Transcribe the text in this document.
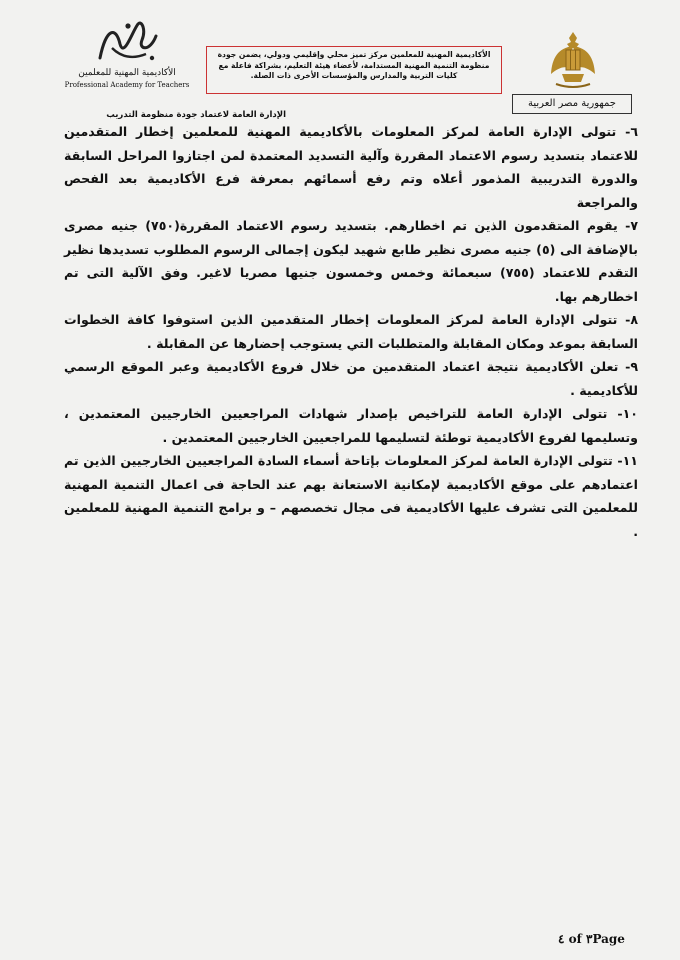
الأكاديمية المهنية للمعلمين
Professional Academy for Teachers
الأكاديمية المهنية للمعلمين مركز تميز محلي وإقليمي ودولي، يضمن جودة منظومة التنمية المهنية المستدامة، لأعضاء هيئة التعليم، بشراكة فاعلة مع كليات التربية والمدارس والمؤسسات الأخرى ذات الصلة.
جمهورية مصر العربية
الإدارة العامة لاعتماد جودة منظومة التدريب

٦- تتولى الإدارة العامة لمركز المعلومات بالأكاديمية المهنية للمعلمين إخطار المتقدمين للاعتماد بتسديد رسوم الاعتماد المقررة وآلية التسديد المعتمدة لمن اجتازوا المراحل السابقة والدورة التدريبية المذمور أعلاه وتم رفع أسمائهم بمعرفة فرع الأكاديمية بعد الفحص والمراجعة

٧- يقوم المتقدمون الذين تم اخطارهم. بتسديد رسوم الاعتماد المقررة(٧٥٠) جنيه مصرى بالإضافة الى (٥) جنيه مصرى نظير طابع شهيد ليكون إجمالى الرسوم المطلوب تسديدها نظير التقدم للاعتماد (٧٥٥) سبعمائة وخمس وخمسون جنيها مصريا لاغير. وفق الآلية التى تم اخطارهم بها.

٨- تتولى الإدارة العامة لمركز المعلومات إخطار المتقدمين الذين استوفوا كافة الخطوات السابقة بموعد ومكان المقابلة والمتطلبات التي يستوجب إحضارها عن المقابلة .

٩- تعلن الأكاديمية نتيجة اعتماد المتقدمين من خلال فروع الأكاديمية وعبر الموقع الرسمي للأكاديمية .

١٠- تتولى الإدارة العامة للتراخيص بإصدار شهادات المراجعيين الخارجيين المعتمدين ، وتسليمها لفروع الأكاديمية توطئة لتسليمها للمراجعيين الخارجيين المعتمدين .

١١- تتولى الإدارة العامة لمركز المعلومات بإتاحة أسماء السادة المراجعيين الخارجيين الذين تم اعتمادهم على موقع الأكاديمية لإمكانية الاستعانة بهم عند الحاجة فى اعمال التنمية المهنية للمعلمين التى تشرف عليها الأكاديمية فى مجال تخصصهم – و برامج التنمية المهنية للمعلمين .

٤ of ٣Page
